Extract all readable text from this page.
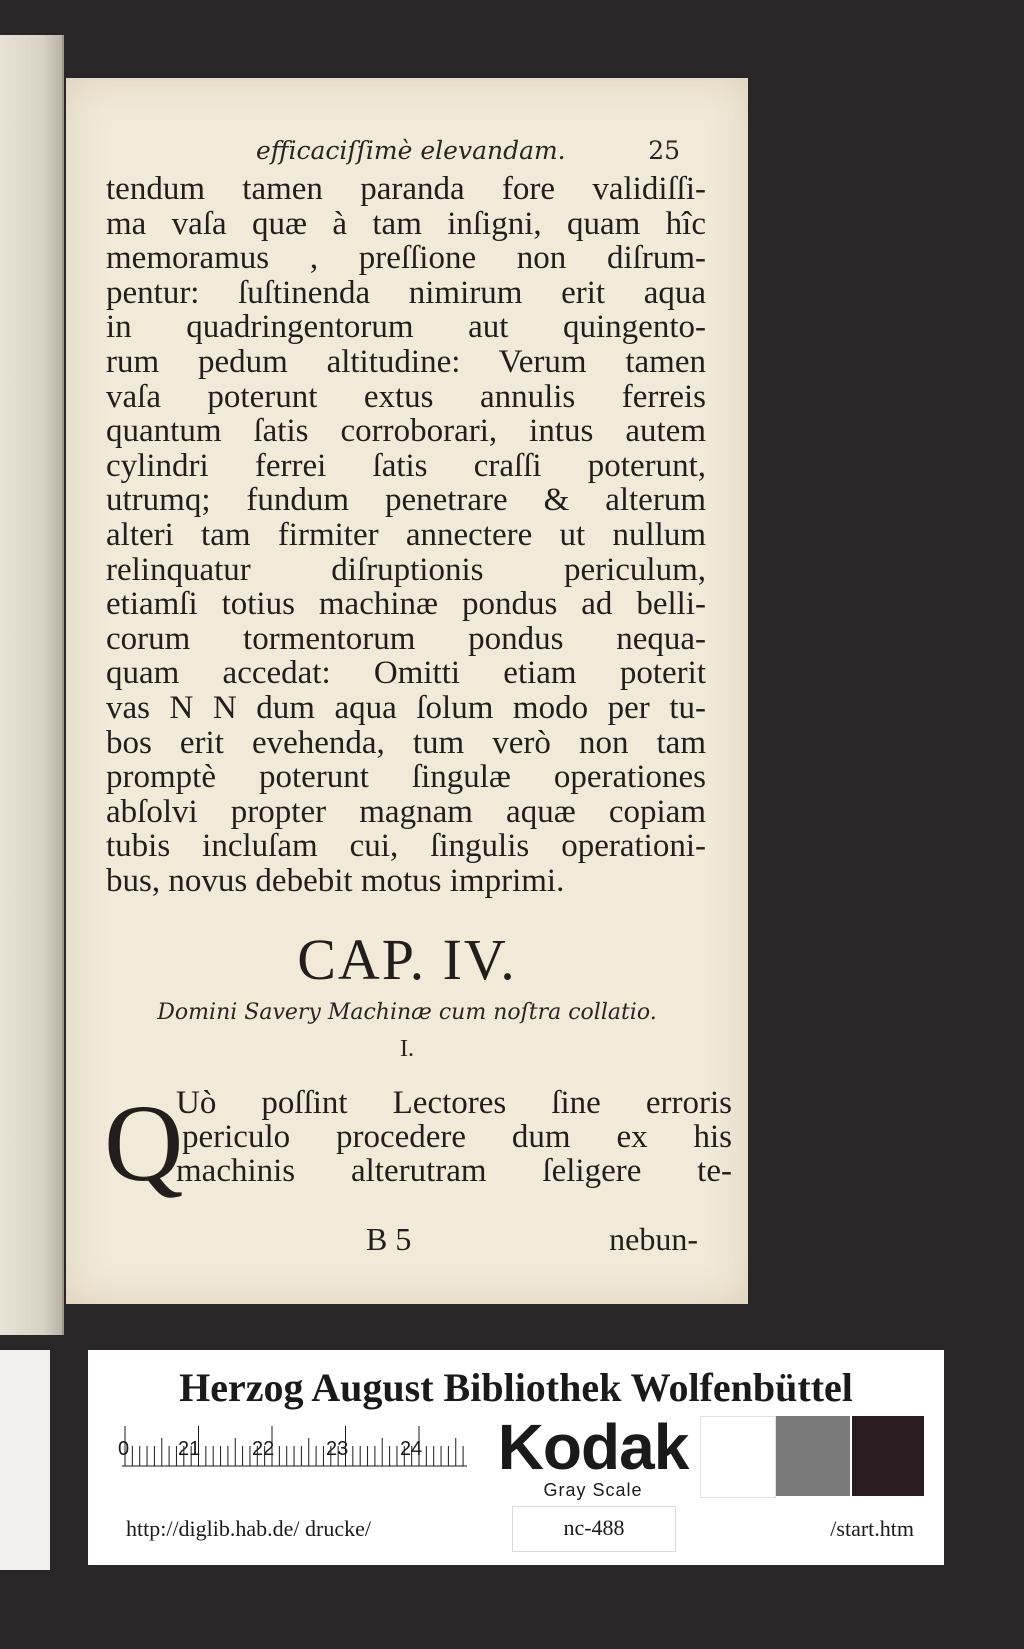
efficaciſſimè elevandam.	25
tendum tamen paranda fore validiſſi-
ma vaſa quæ à tam inſigni, quam hîc
memoramus , preſſione non diſrum-
pentur: ſuſtinenda nimirum erit aqua
in quadringentorum aut quingento-
rum pedum altitudine: Verum tamen
vaſa poterunt extus annulis ferreis
quantum ſatis corroborari, intus autem
cylindri ferrei ſatis craſſi poterunt,
utrumq; fundum penetrare & alterum
alteri tam firmiter annectere ut nullum
relinquatur diſruptionis periculum,
etiamſi totius machinæ pondus ad belli-
corum tormentorum pondus nequa-
quam accedat: Omitti etiam poterit
vas N N dum aqua ſolum modo per tu-
bos erit evehenda, tum verò non tam
promptè poterunt ſingulæ operationes
abſolvi propter magnam aquæ copiam
tubis incluſam cui, ſingulis operationi-
bus, novus debebit motus imprimi.
CAP. IV.
Domini Savery Machinæ cum noſtra collatio.
I.
Q
Uò poſſint Lectores ſine erroris
periculo procedere dum ex his
machinis alterutram ſeligere te-
B 5	nebun-
Herzog August Bibliothek Wolfenbüttel
0 21	22	23	24 Kodak
Gray Scale
http://diglib.hab.de/ drucke/	nc-488	/start.htm
